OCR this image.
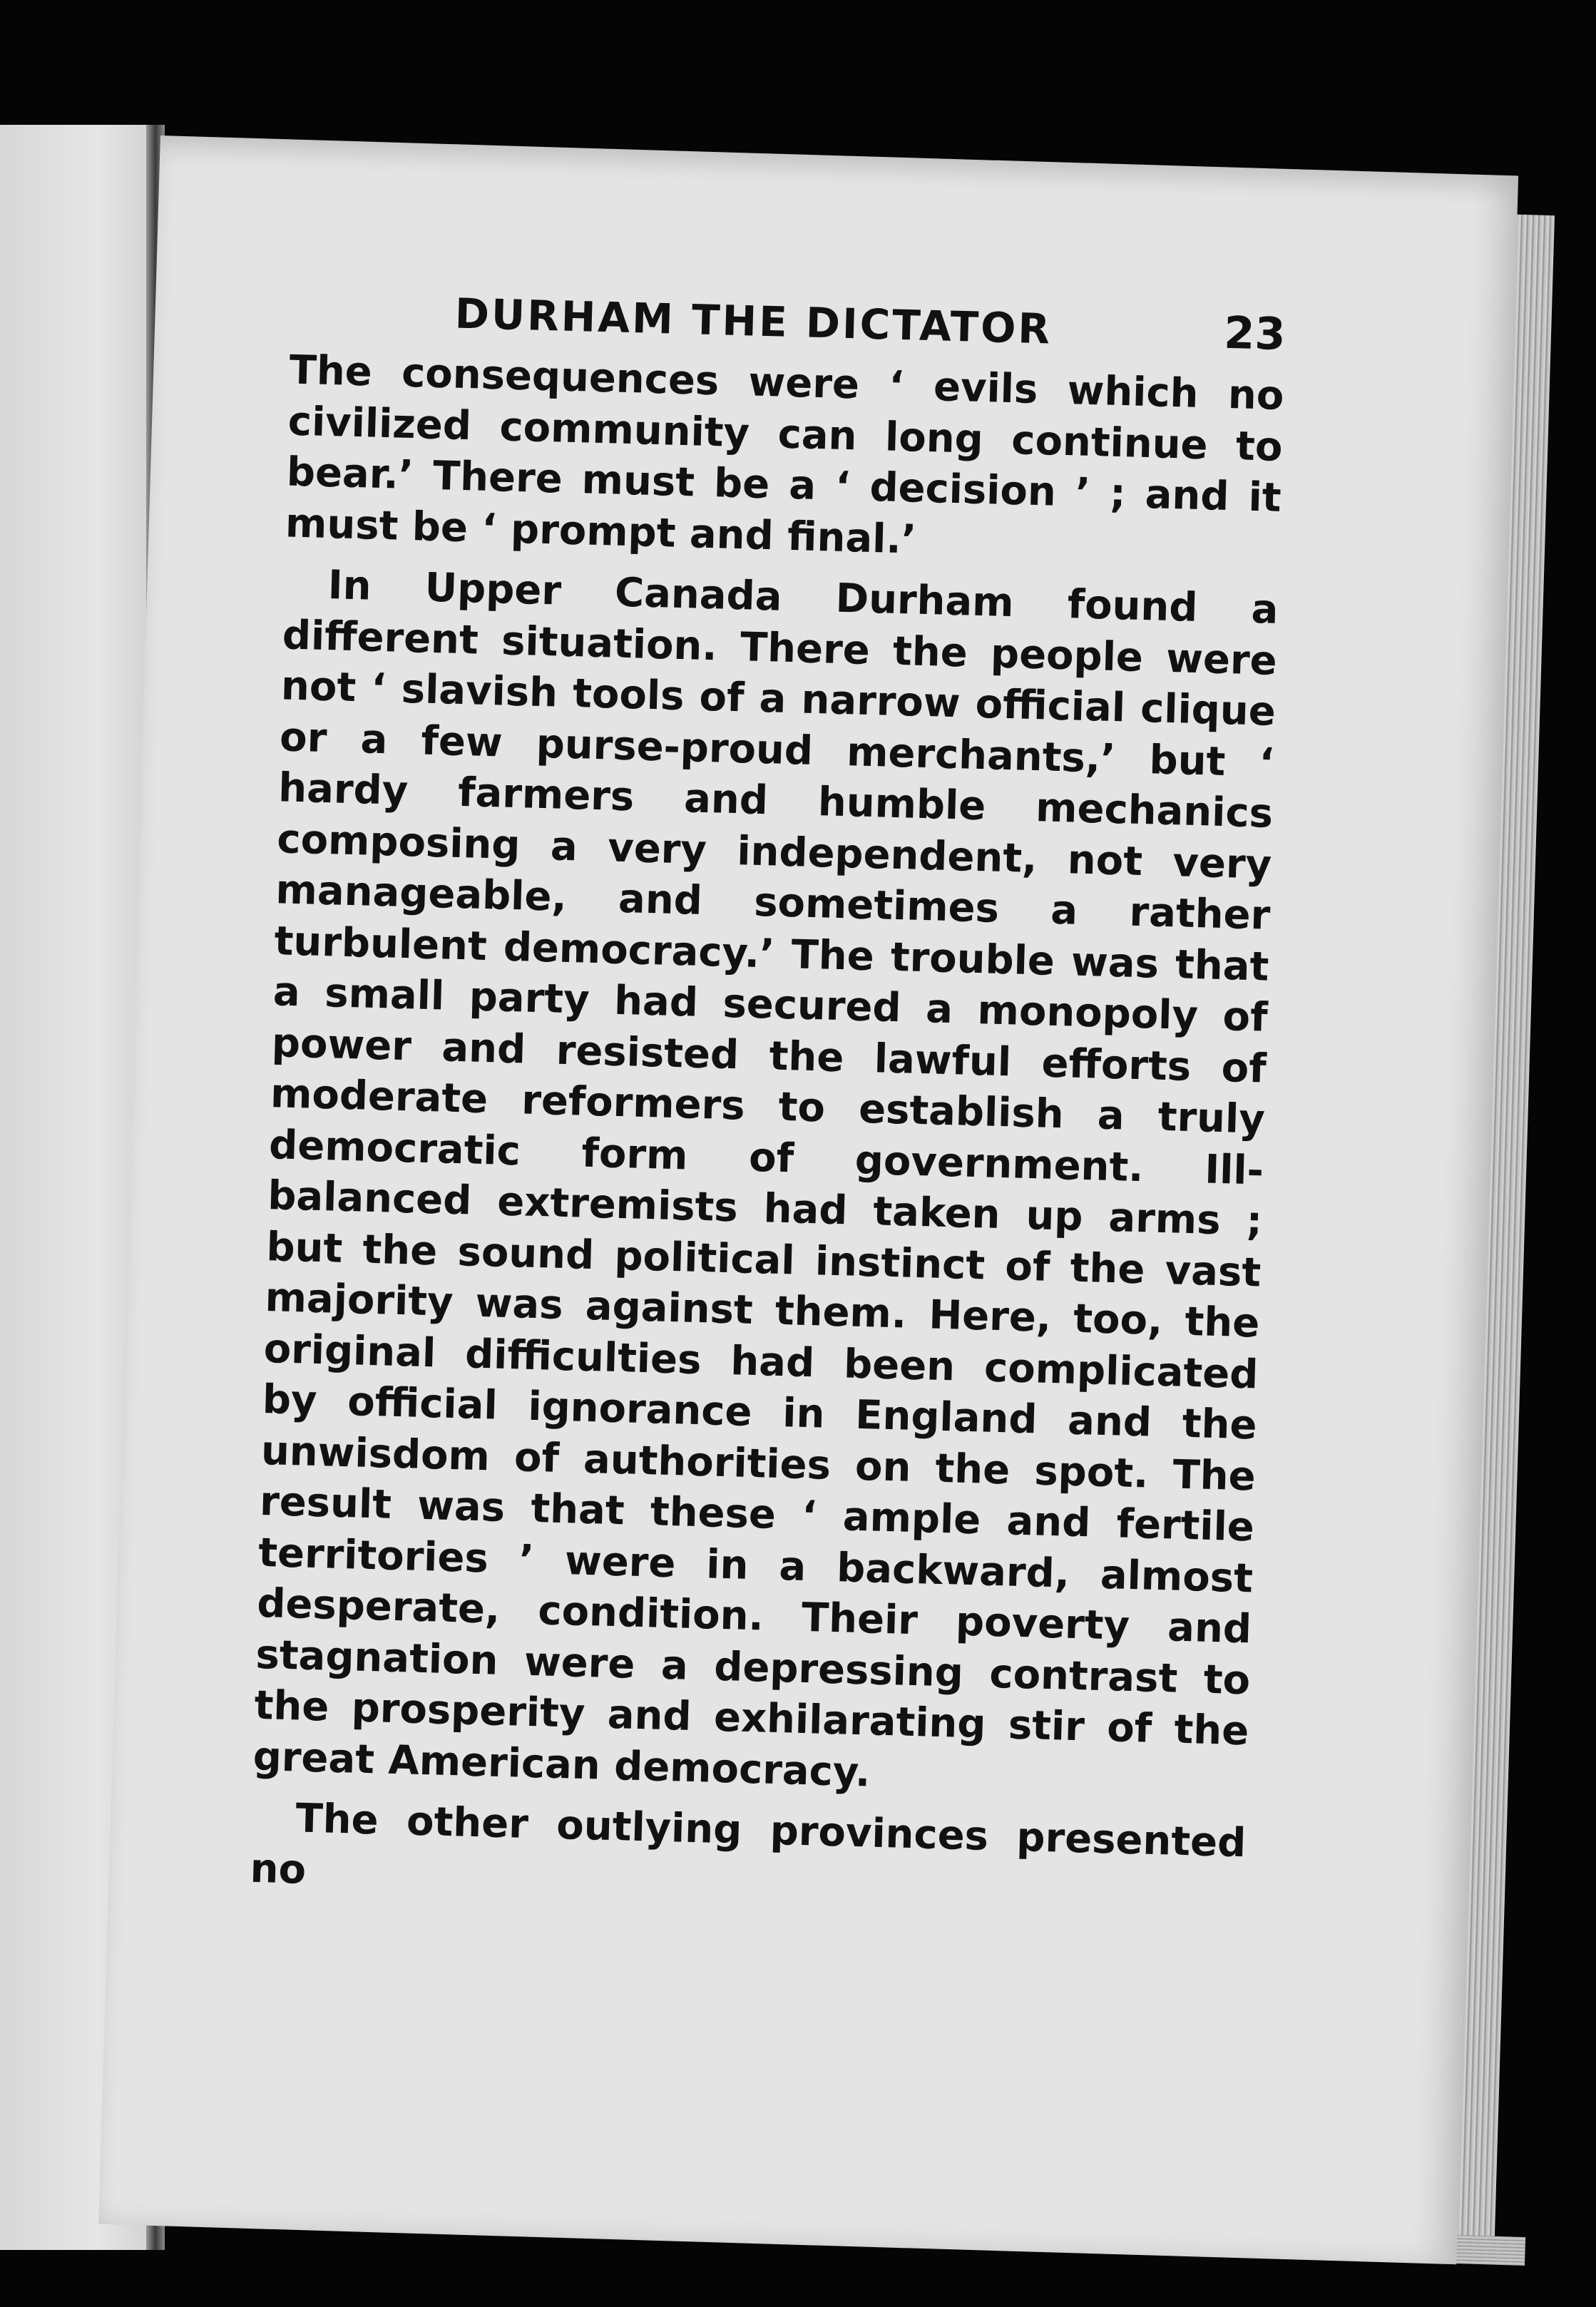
DURHAM THE DICTATOR	23

The consequences were ‘ evils which no civilized community can long continue to bear.’ There must be a ‘ decision ’ ; and it must be ‘ prompt and final.’

In Upper Canada Durham found a different situation. There the people were not ‘ slavish tools of a narrow official clique or a few purse-proud merchants,’ but ‘ hardy farmers and humble mechanics composing a very independent, not very manageable, and sometimes a rather turbulent democracy.’ The trouble was that a small party had secured a monopoly of power and resisted the lawful efforts of moderate reformers to establish a truly democratic form of government. Ill-balanced extremists had taken up arms ; but the sound political instinct of the vast majority was against them. Here, too, the original difficulties had been complicated by official ignorance in England and the unwisdom of authorities on the spot. The result was that these ‘ ample and fertile territories ’ were in a backward, almost desperate, condition. Their poverty and stagnation were a depressing contrast to the prosperity and exhilarating stir of the great American democracy.

The other outlying provinces presented no
